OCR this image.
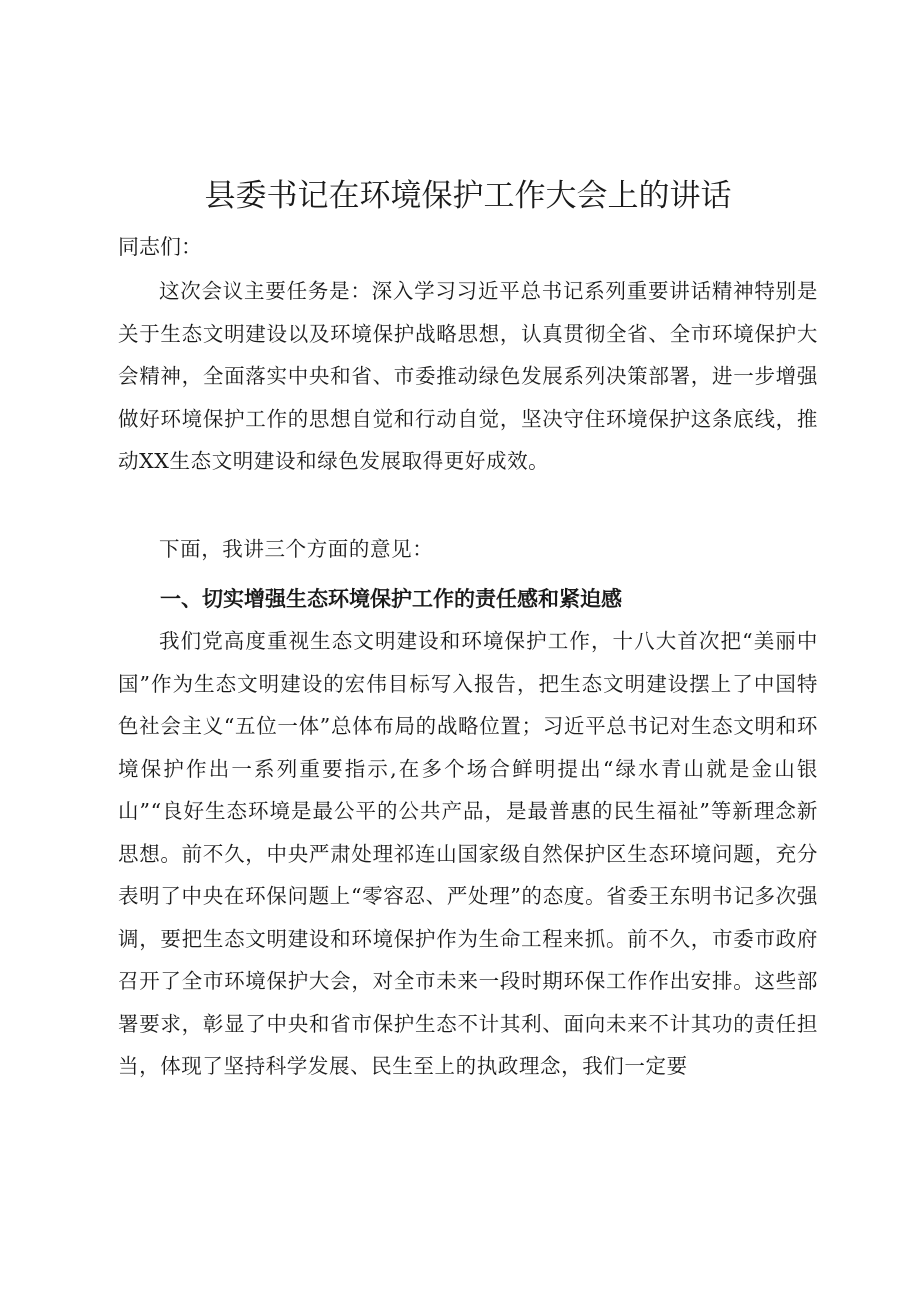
县委书记在环境保护工作大会上的讲话

同志们：

这次会议主要任务是：深入学习习近平总书记系列重要讲话精神特别是关于生态文明建设以及环境保护战略思想，认真贯彻全省、全市环境保护大会精神，全面落实中央和省、市委推动绿色发展系列决策部署，进一步增强做好环境保护工作的思想自觉和行动自觉，坚决守住环境保护这条底线，推动XX生态文明建设和绿色发展取得更好成效。

下面，我讲三个方面的意见：

一、切实增强生态环境保护工作的责任感和紧迫感

我们党高度重视生态文明建设和环境保护工作，十八大首次把“美丽中国”作为生态文明建设的宏伟目标写入报告，把生态文明建设摆上了中国特色社会主义“五位一体”总体布局的战略位置；习近平总书记对生态文明和环境保护作出一系列重要指示,在多个场合鲜明提出“绿水青山就是金山银山”“良好生态环境是最公平的公共产品，是最普惠的民生福祉”等新理念新思想。前不久，中央严肃处理祁连山国家级自然保护区生态环境问题，充分表明了中央在环保问题上“零容忍、严处理”的态度。省委王东明书记多次强调，要把生态文明建设和环境保护作为生命工程来抓。前不久，市委市政府召开了全市环境保护大会，对全市未来一段时期环保工作作出安排。这些部署要求，彰显了中央和省市保护生态不计其利、面向未来不计其功的责任担当，体现了坚持科学发展、民生至上的执政理念，我们一定要
